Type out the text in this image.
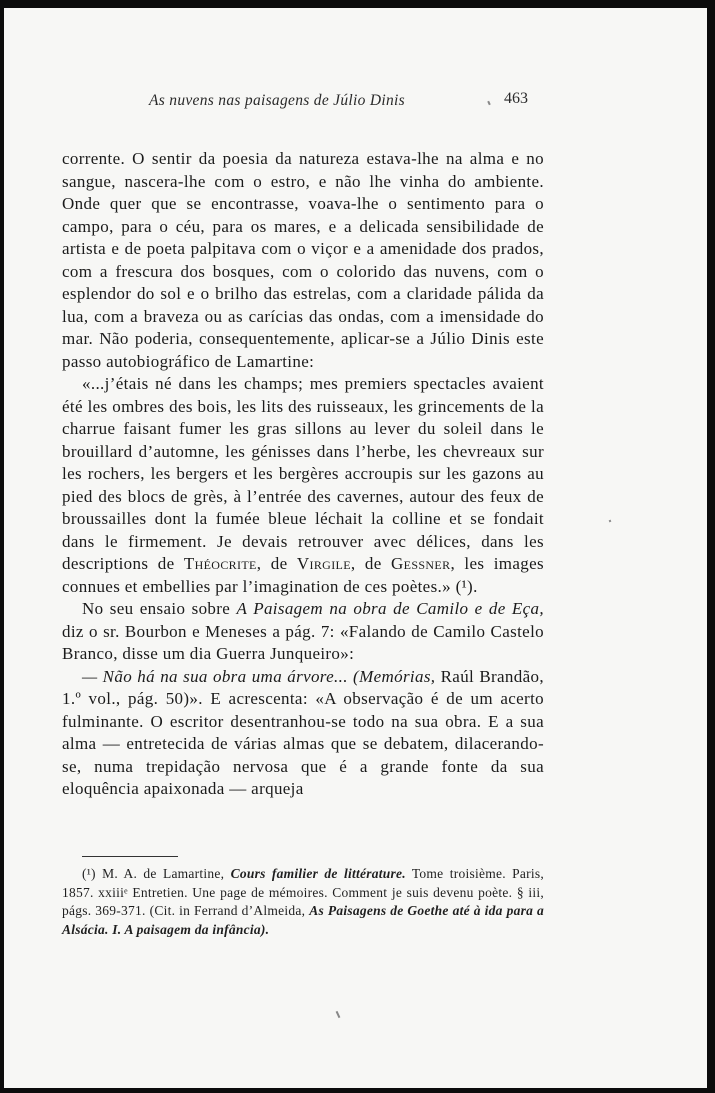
As nuvens nas paisagens de Júlio Dinis	463

corrente. O sentir da poesia da natureza estava-lhe na alma e no sangue, nascera-lhe com o estro, e não lhe vinha do ambiente. Onde quer que se encontrasse, voava-lhe o sentimento para o campo, para o céu, para os mares, e a delicada sensibilidade de artista e de poeta palpitava com o viçor e a amenidade dos prados, com a frescura dos bosques, com o colorido das nuvens, com o esplendor do sol e o brilho das estrelas, com a claridade pálida da lua, com a braveza ou as carícias das ondas, com a imensidade do mar. Não poderia, consequentemente, aplicar-se a Júlio Dinis este passo autobiográfico de Lamartine:

«...j’étais né dans les champs; mes premiers spectacles avaient été les ombres des bois, les lits des ruisseaux, les grincements de la charrue faisant fumer les gras sillons au lever du soleil dans le brouillard d’automne, les génisses dans l’herbe, les chevreaux sur les rochers, les bergers et les bergères accroupis sur les gazons au pied des blocs de grès, à l’entrée des cavernes, autour des feux de broussailles dont la fumée bleue léchait la colline et se fondait dans le firmement. Je devais retrouver avec délices, dans les descriptions de Théocrite, de Virgile, de Gessner, les images connues et embellies par l’imagination de ces poètes.» (¹).

No seu ensaio sobre A Paisagem na obra de Camilo e de Eça, diz o sr. Bourbon e Meneses a pág. 7: «Falando de Camilo Castelo Branco, disse um dia Guerra Junqueiro»:

— Não há na sua obra uma árvore... (Memórias, Raúl Brandão, 1.º vol., pág. 50)». E acrescenta: «A observação é de um acerto fulminante. O escritor desentranhou-se todo na sua obra. E a sua alma — entretecida de várias almas que se debatem, dilacerando-se, numa trepidação nervosa que é a grande fonte da sua eloquência apaixonada — arqueja

(¹) M. A. de Lamartine, Cours familier de littérature. Tome troisième. Paris, 1857. xxiiiᵉ Entretien. Une page de mémoires. Comment je suis devenu poète. § iii, págs. 369-371. (Cit. in Ferrand d’Almeida, As Paisagens de Goethe até à ida para a Alsácia. I. A paisagem da infância).
